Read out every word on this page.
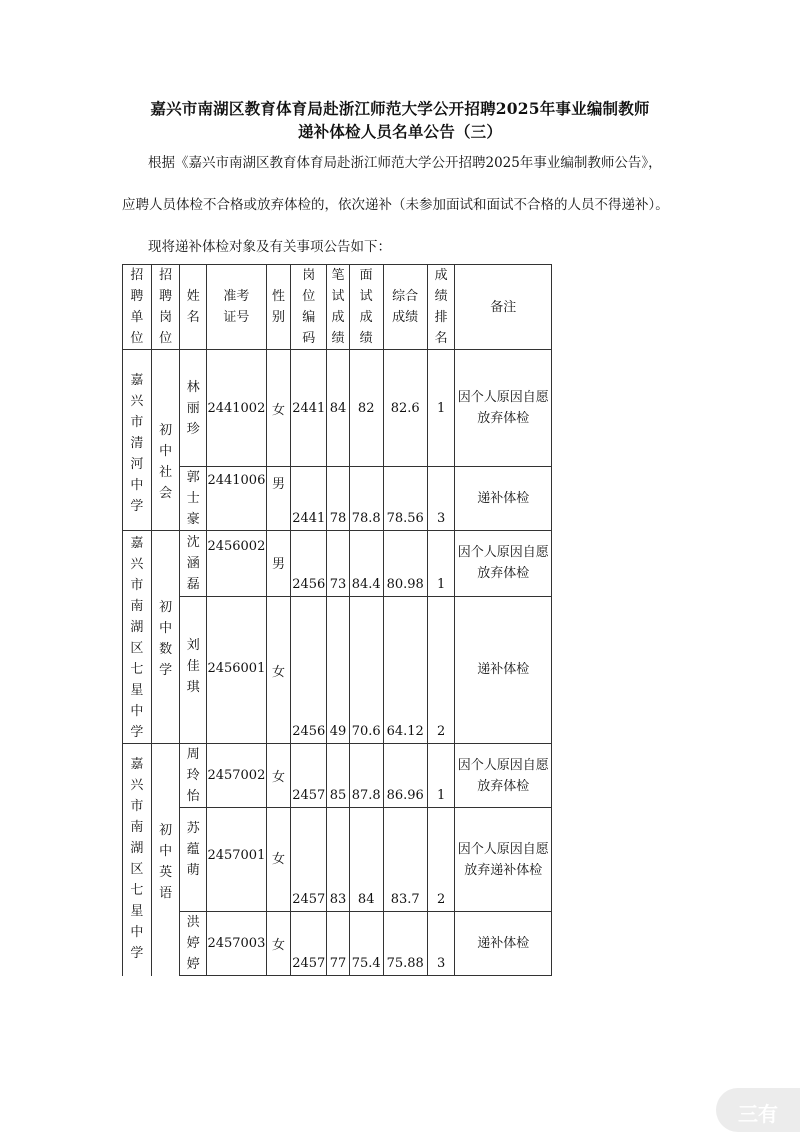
嘉兴市南湖区教育体育局赴浙江师范大学公开招聘2025年事业编制教师
递补体检人员名单公告（三）
根据《嘉兴市南湖区教育体育局赴浙江师范大学公开招聘2025年事业编制教师公告》，
应聘人员体检不合格或放弃体检的，依次递补（未参加面试和面试不合格的人员不得递补）。
现将递补体检对象及有关事项公告如下：
招聘单位	招聘岗位	姓名	准考证号	性别	岗位编码	笔试成绩	面试成绩	综合成绩	成绩排名	备注

嘉兴市清河中学	初中社会	林丽珍	2441002	女	2441	84	82	82.6	1	因个人原因自愿放弃体检

		郭士豪	2441006	男	2441	78	78.8	78.56	3	递补体检

嘉兴市南湖区七星中学	初中数学	沈涵磊	2456002	男	2456	73	84.4	80.98	1	因个人原因自愿放弃体检

		刘佳琪	2456001	女	2456	49	70.6	64.12	2	递补体检

嘉兴市南湖区七星中学	初中英语	周玲怡	2457002	女	2457	85	87.8	86.96	1	因个人原因自愿放弃体检

		苏蕴萌	2457001	女	2457	83	84	83.7	2	因个人原因自愿放弃递补体检

		洪婷婷	2457003	女	2457	77	75.4	75.88	3	递补体检
三有
